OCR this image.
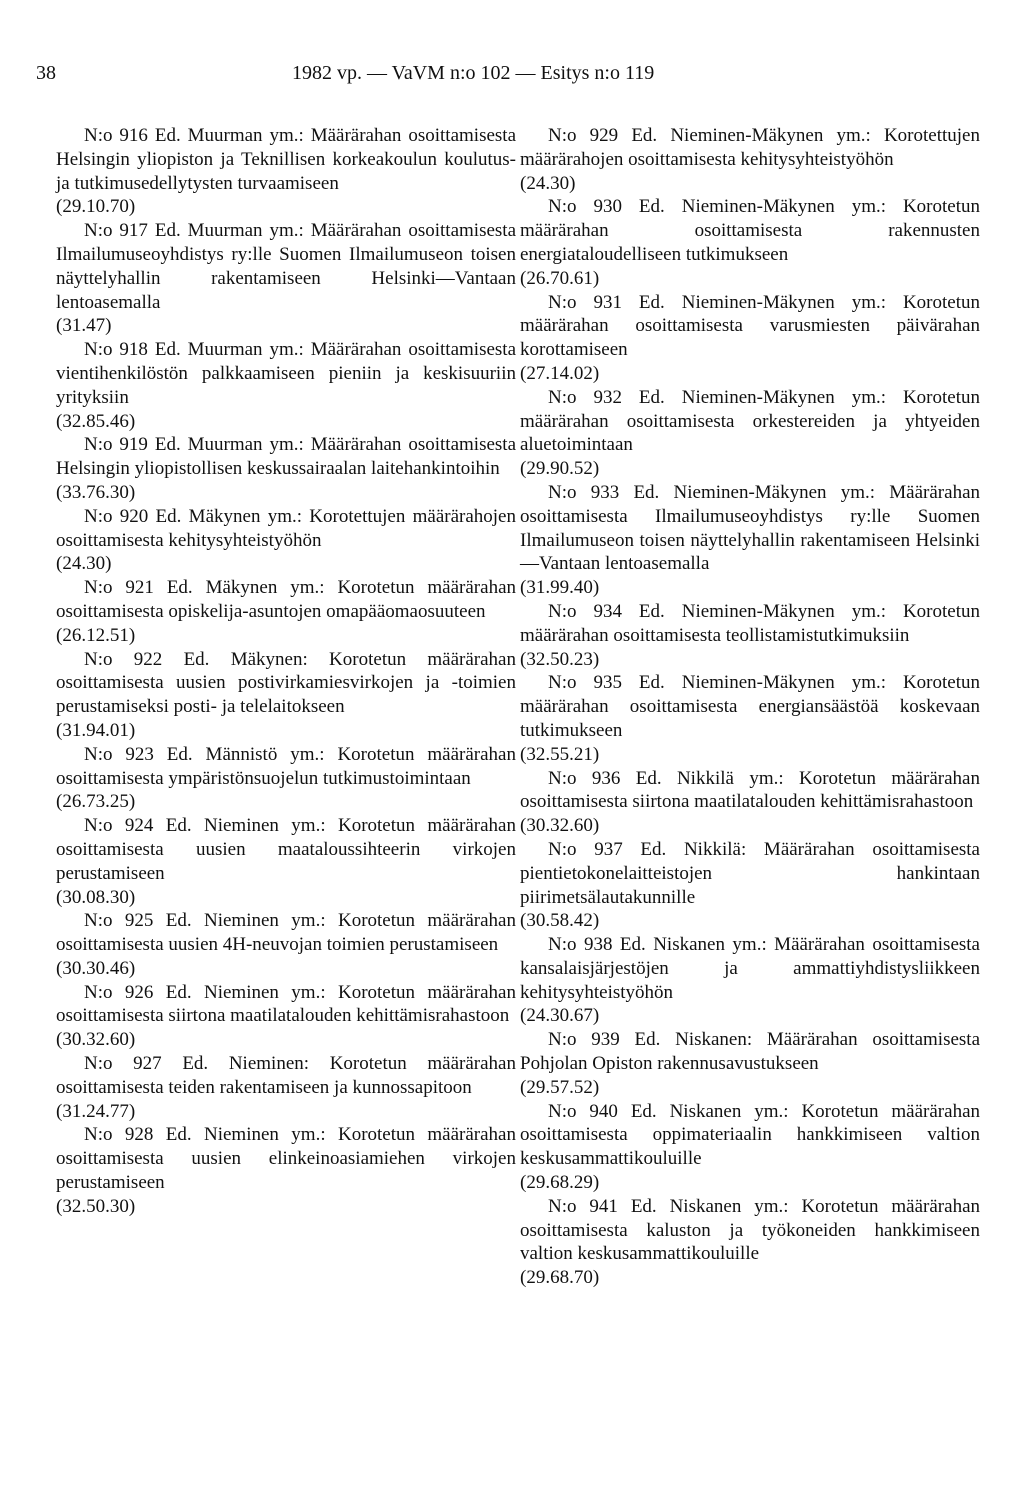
38	1982 vp. — VaVM n:o 102 — Esitys n:o 119

N:o 916 Ed. Muurman ym.: Määrärahan osoittamisesta Helsingin yliopiston ja Teknillisen korkeakoulun koulutus- ja tutkimusedellytysten turvaamiseen

(29.10.70)

N:o 917 Ed. Muurman ym.: Määrärahan osoittamisesta Ilmailumuseoyhdistys ry:lle Suomen Ilmailumuseon toisen näyttelyhallin rakentamiseen Helsinki—Vantaan lentoasemalla

(31.47)

N:o 918 Ed. Muurman ym.: Määrärahan osoittamisesta vientihenkilöstön palkkaamiseen pieniin ja keskisuuriin yrityksiin

(32.85.46)

N:o 919 Ed. Muurman ym.: Määrärahan osoittamisesta Helsingin yliopistollisen keskussairaalan laitehankintoihin

(33.76.30)

N:o 920 Ed. Mäkynen ym.: Korotettujen määrärahojen osoittamisesta kehitysyhteistyöhön

(24.30)

N:o 921 Ed. Mäkynen ym.: Korotetun määrärahan osoittamisesta opiskelija-asuntojen omapääomaosuuteen

(26.12.51)

N:o 922 Ed. Mäkynen: Korotetun määrärahan osoittamisesta uusien postivirkamiesvirkojen ja -toimien perustamiseksi posti- ja telelaitokseen

(31.94.01)

N:o 923 Ed. Männistö ym.: Korotetun määrärahan osoittamisesta ympäristönsuojelun tutkimustoimintaan

(26.73.25)

N:o 924 Ed. Nieminen ym.: Korotetun määrärahan osoittamisesta uusien maataloussihteerin virkojen perustamiseen

(30.08.30)

N:o 925 Ed. Nieminen ym.: Korotetun määrärahan osoittamisesta uusien 4H-neuvojan toimien perustamiseen

(30.30.46)

N:o 926 Ed. Nieminen ym.: Korotetun määrärahan osoittamisesta siirtona maatilatalouden kehittämisrahastoon

(30.32.60)

N:o 927 Ed. Nieminen: Korotetun määrärahan osoittamisesta teiden rakentamiseen ja kunnossapitoon

(31.24.77)

N:o 928 Ed. Nieminen ym.: Korotetun määrärahan osoittamisesta uusien elinkeinoasiamiehen virkojen perustamiseen

(32.50.30)

N:o 929 Ed. Nieminen-Mäkynen ym.: Korotettujen määrärahojen osoittamisesta kehitysyhteistyöhön

(24.30)

N:o 930 Ed. Nieminen-Mäkynen ym.: Korotetun määrärahan osoittamisesta rakennusten energiataloudelliseen tutkimukseen

(26.70.61)

N:o 931 Ed. Nieminen-Mäkynen ym.: Korotetun määrärahan osoittamisesta varusmiesten päivärahan korottamiseen

(27.14.02)

N:o 932 Ed. Nieminen-Mäkynen ym.: Korotetun määrärahan osoittamisesta orkestereiden ja yhtyeiden aluetoimintaan

(29.90.52)

N:o 933 Ed. Nieminen-Mäkynen ym.: Määrärahan osoittamisesta Ilmailumuseoyhdistys ry:lle Suomen Ilmailumuseon toisen näyttelyhallin rakentamiseen Helsinki—Vantaan lentoasemalla

(31.99.40)

N:o 934 Ed. Nieminen-Mäkynen ym.: Korotetun määrärahan osoittamisesta teollistamistutkimuksiin

(32.50.23)

N:o 935 Ed. Nieminen-Mäkynen ym.: Korotetun määrärahan osoittamisesta energiansäästöä koskevaan tutkimukseen

(32.55.21)

N:o 936 Ed. Nikkilä ym.: Korotetun määrärahan osoittamisesta siirtona maatilatalouden kehittämisrahastoon

(30.32.60)

N:o 937 Ed. Nikkilä: Määrärahan osoittamisesta pientietokonelaitteistojen hankintaan piirimetsälautakunnille

(30.58.42)

N:o 938 Ed. Niskanen ym.: Määrärahan osoittamisesta kansalaisjärjestöjen ja ammattiyhdistysliikkeen kehitysyhteistyöhön

(24.30.67)

N:o 939 Ed. Niskanen: Määrärahan osoittamisesta Pohjolan Opiston rakennusavustukseen

(29.57.52)

N:o 940 Ed. Niskanen ym.: Korotetun määrärahan osoittamisesta oppimateriaalin hankkimiseen valtion keskusammattikouluille

(29.68.29)

N:o 941 Ed. Niskanen ym.: Korotetun määrärahan osoittamisesta kaluston ja työkoneiden hankkimiseen valtion keskusammattikouluille

(29.68.70)
